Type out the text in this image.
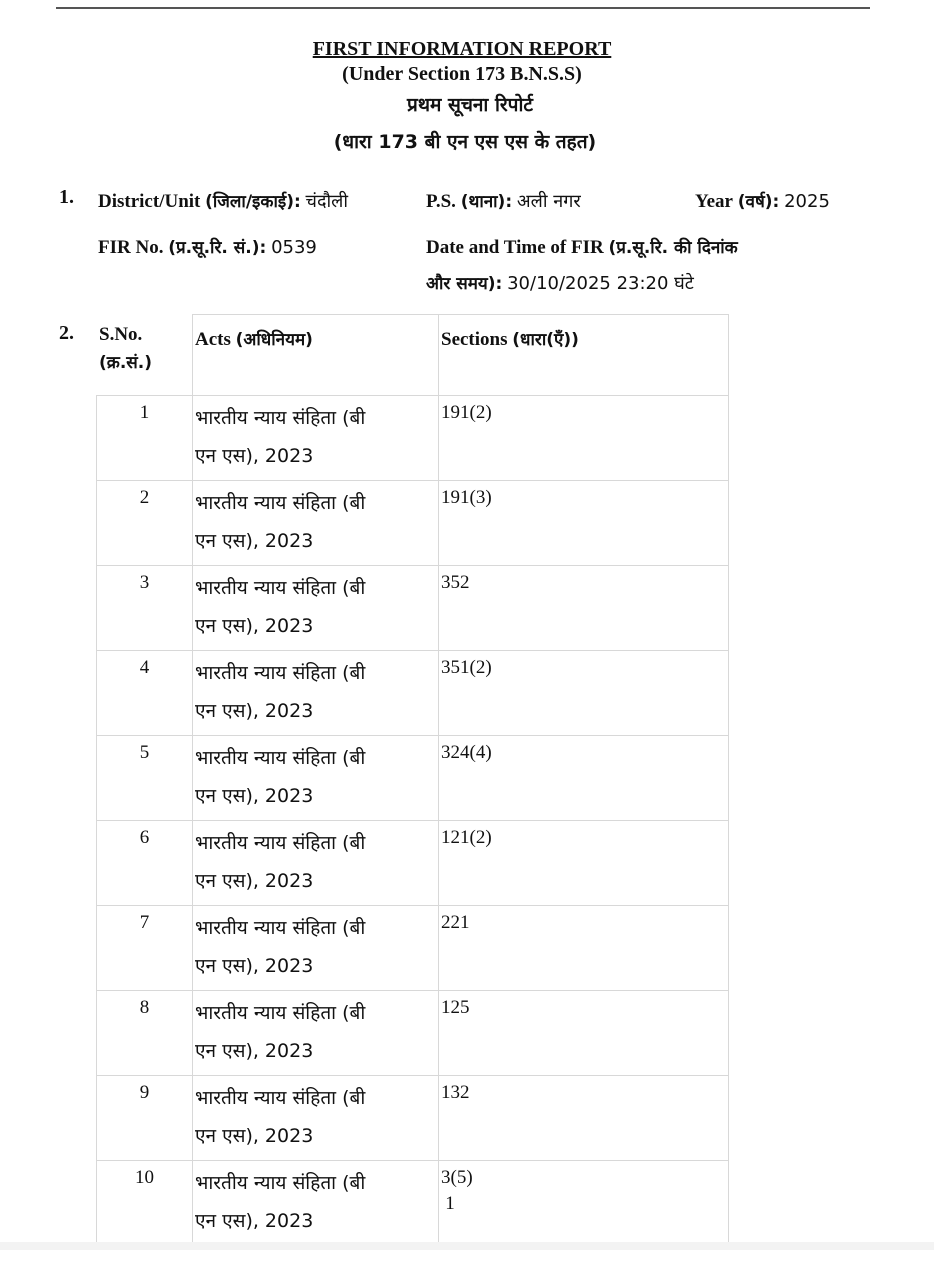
FIRST INFORMATION REPORT
(Under Section 173 B.N.S.S)
प्रथम सूचना रिपोर्ट
(धारा 173 बी एन एस एस के तहत)
1. District/Unit (जिला/इकाई): चंदौली	P.S. (थाना): अली नगर	Year (वर्ष): 2025
FIR No. (प्र.सू.रि. सं.): 0539	Date and Time of FIR (प्र.सू.रि. की दिनांक
और समय): 30/10/2025 23:20 घंटे
2. S.No.
(क्र.सं.)	Acts (अधिनियम)	Sections (धारा(एँ))
1	भारतीय न्याय संहिता (बी
एन एस), 2023	191(2)
2	भारतीय न्याय संहिता (बी
एन एस), 2023	191(3)
3	भारतीय न्याय संहिता (बी
एन एस), 2023	352
4	भारतीय न्याय संहिता (बी
एन एस), 2023	351(2)
5	भारतीय न्याय संहिता (बी
एन एस), 2023	324(4)
6	भारतीय न्याय संहिता (बी
एन एस), 2023	121(2)
7	भारतीय न्याय संहिता (बी
एन एस), 2023	221
8	भारतीय न्याय संहिता (बी
एन एस), 2023	125
9	भारतीय न्याय संहिता (बी
एन एस), 2023	132
10	भारतीय न्याय संहिता (बी
एन एस), 2023	3(5)
1
